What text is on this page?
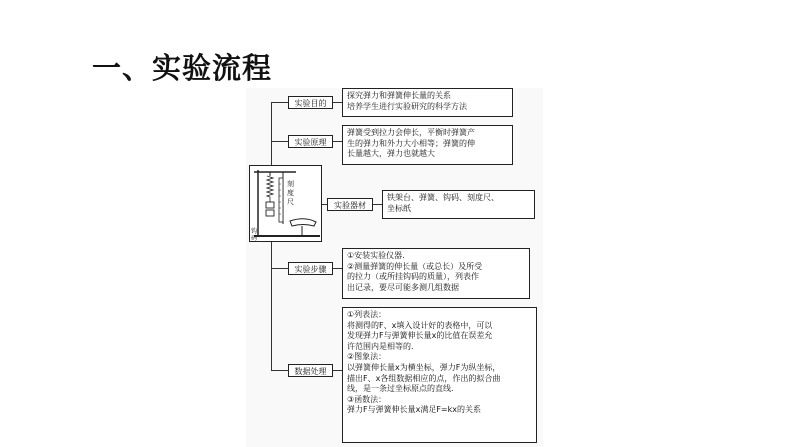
一、实验流程
刻度尺
钩码
实验目的
实验原理
实验器材
实验步骤
数据处理
探究弹力和弹簧伸长量的关系
培养学生进行实验研究的科学方法
弹簧受到拉力会伸长，平衡时弹簧产
生的弹力和外力大小相等；弹簧的伸
长量越大，弹力也就越大
铁架台、弹簧、钩码、刻度尺、
坐标纸
①安装实验仪器.
②测量弹簧的伸长量（或总长）及所受
的拉力（或所挂钩码的质量），列表作
出记录，要尽可能多测几组数据
①列表法：
将测得的F、x填入设计好的表格中，可以
发现弹力F与弹簧伸长量x的比值在误差允
许范围内是相等的.
②图象法：
以弹簧伸长量x为横坐标，弹力F为纵坐标，
描出F、x各组数据相应的点，作出的拟合曲
线，是一条过坐标原点的直线.
③函数法：
弹力F与弹簧伸长量x满足F=kx的关系
